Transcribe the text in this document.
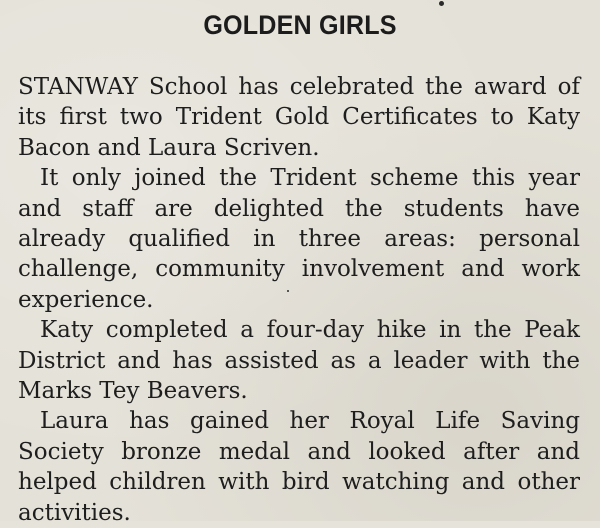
GOLDEN GIRLS

STANWAY School has celebrated the award of its first two Trident Gold Certificates to Katy Bacon and Laura Scriven.

It only joined the Trident scheme this year and staff are delighted the students have already qualified in three areas: personal challenge, community involvement and work experience.

Katy completed a four-day hike in the Peak District and has assisted as a leader with the Marks Tey Beavers.

Laura has gained her Royal Life Saving Society bronze medal and looked after and helped children with bird watching and other activities.
